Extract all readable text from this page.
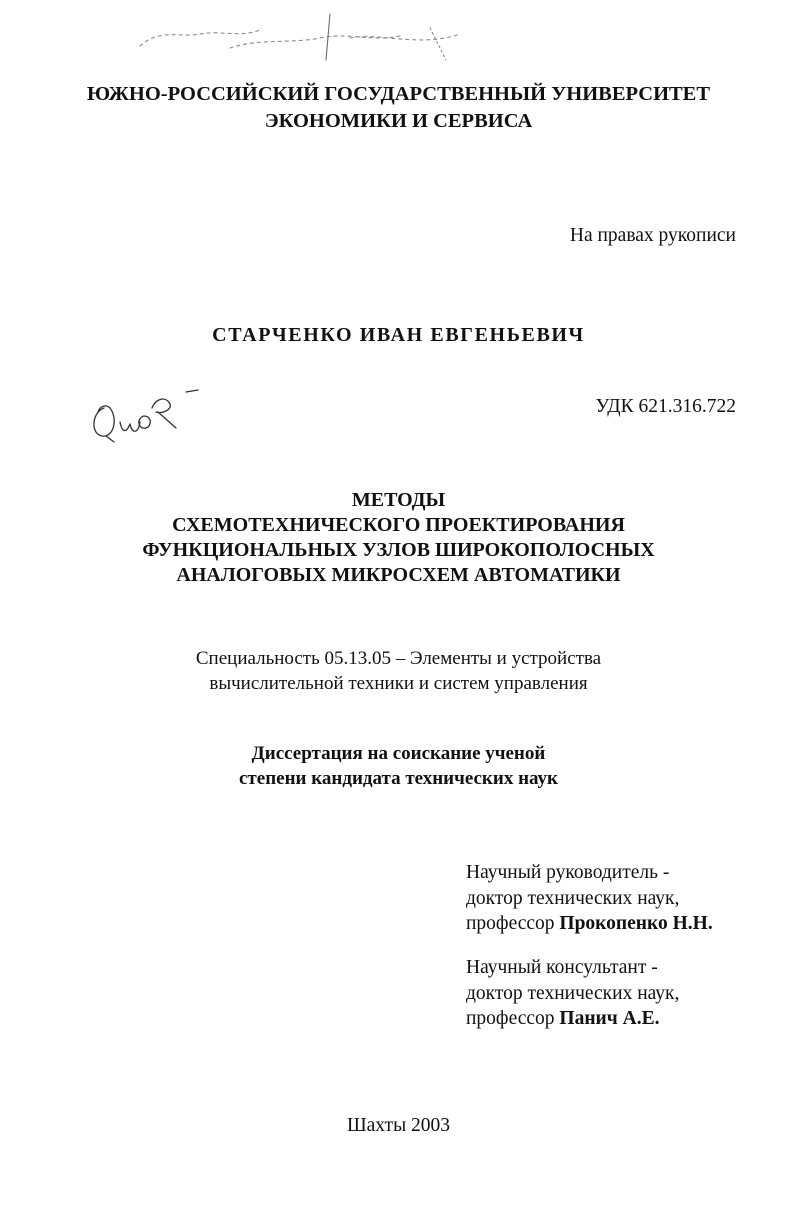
ЮЖНО-РОССИЙСКИЙ ГОСУДАРСТВЕННЫЙ УНИВЕРСИТЕТ
ЭКОНОМИКИ И СЕРВИСА
На правах рукописи
СТАРЧЕНКО ИВАН ЕВГЕНЬЕВИЧ
УДК 621.316.722
МЕТОДЫ
СХЕМОТЕХНИЧЕСКОГО ПРОЕКТИРОВАНИЯ
ФУНКЦИОНАЛЬНЫХ УЗЛОВ ШИРОКОПОЛОСНЫХ
АНАЛОГОВЫХ МИКРОСХЕМ АВТОМАТИКИ
Специальность 05.13.05 – Элементы и устройства
вычислительной техники и систем управления
Диссертация на соискание ученой
степени кандидата технических наук
Научный руководитель -
доктор технических наук,
профессор Прокопенко Н.Н.
Научный консультант -
доктор технических наук,
профессор Панич А.Е.
Шахты 2003
